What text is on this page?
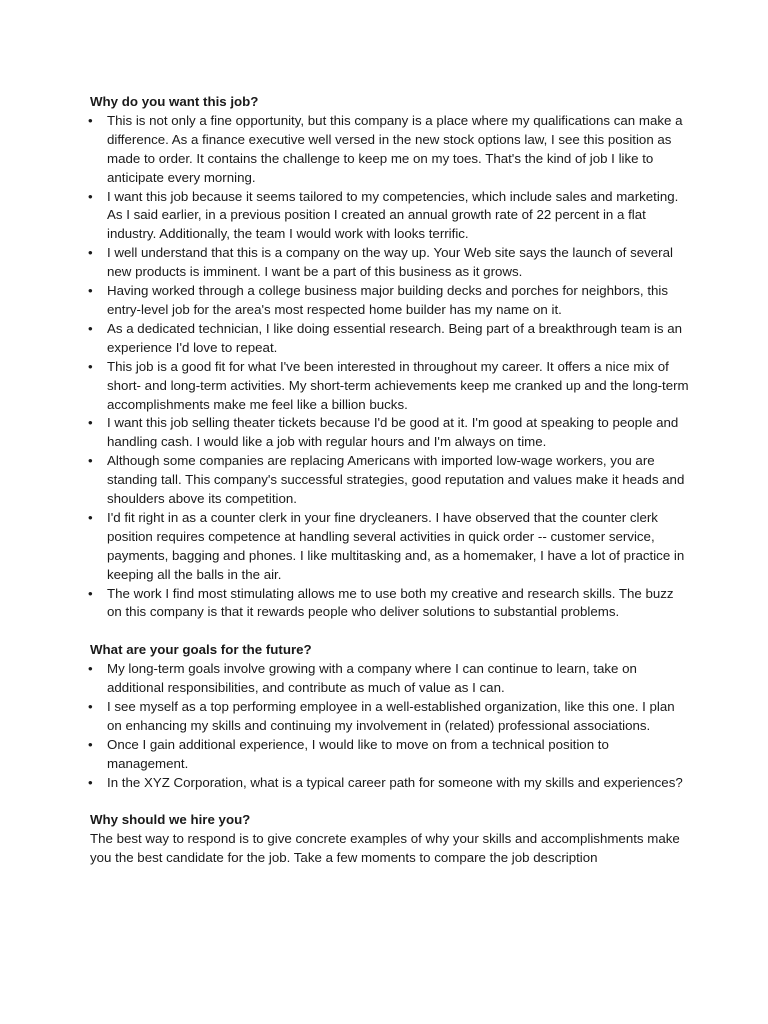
Why do you want this job?

• This is not only a fine opportunity, but this company is a place where my qualifications can make a difference. As a finance executive well versed in the new stock options law, I see this position as made to order. It contains the challenge to keep me on my toes. That's the kind of job I like to anticipate every morning.
• I want this job because it seems tailored to my competencies, which include sales and marketing. As I said earlier, in a previous position I created an annual growth rate of 22 percent in a flat industry. Additionally, the team I would work with looks terrific.
• I well understand that this is a company on the way up. Your Web site says the launch of several new products is imminent. I want be a part of this business as it grows.
• Having worked through a college business major building decks and porches for neighbors, this entry-level job for the area's most respected home builder has my name on it.
• As a dedicated technician, I like doing essential research. Being part of a breakthrough team is an experience I'd love to repeat.
• This job is a good fit for what I've been interested in throughout my career. It offers a nice mix of short- and long-term activities. My short-term achievements keep me cranked up and the long-term accomplishments make me feel like a billion bucks.
• I want this job selling theater tickets because I'd be good at it. I'm good at speaking to people and handling cash. I would like a job with regular hours and I'm always on time.
• Although some companies are replacing Americans with imported low-wage workers, you are standing tall. This company's successful strategies, good reputation and values make it heads and shoulders above its competition.
• I'd fit right in as a counter clerk in your fine drycleaners. I have observed that the counter clerk position requires competence at handling several activities in quick order -- customer service, payments, bagging and phones. I like multitasking and, as a homemaker, I have a lot of practice in keeping all the balls in the air.
• The work I find most stimulating allows me to use both my creative and research skills. The buzz on this company is that it rewards people who deliver solutions to substantial problems.

What are your goals for the future?

• My long-term goals involve growing with a company where I can continue to learn, take on additional responsibilities, and contribute as much of value as I can.
• I see myself as a top performing employee in a well-established organization, like this one. I plan on enhancing my skills and continuing my involvement in (related) professional associations.
• Once I gain additional experience, I would like to move on from a technical position to management.
• In the XYZ Corporation, what is a typical career path for someone with my skills and experiences?

Why should we hire you?

The best way to respond is to give concrete examples of why your skills and accomplishments make you the best candidate for the job. Take a few moments to compare the job description
